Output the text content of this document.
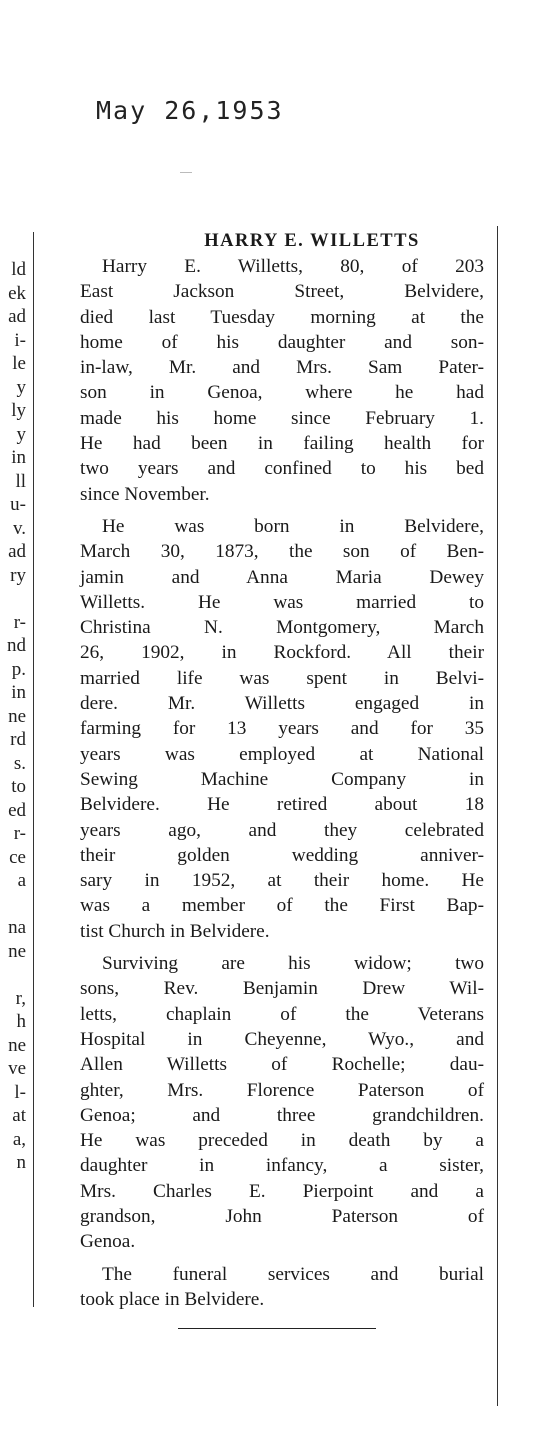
May 26,1953
ld
ek
ad
i-
le
y
ly
y
in
ll
u-
v.
ad
ry
r-
nd
p.
in
ne
rd
s.
to
ed
r-
ce
a
na
ne
r,
h
ne
ve
l-
at
a,
n
HARRY E. WILLETTS
Harry E. Willetts, 80, of 203
East Jackson Street, Belvidere,
died last Tuesday morning at the
home of his daughter and son-
in-law, Mr. and Mrs. Sam Pater-
son in Genoa, where he had
made his home since February 1.
He had been in failing health for
two years and confined to his bed
since November.
He was born in Belvidere,
March 30, 1873, the son of Ben-
jamin and Anna Maria Dewey
Willetts. He was married to
Christina N. Montgomery, March
26, 1902, in Rockford. All their
married life was spent in Belvi-
dere. Mr. Willetts engaged in
farming for 13 years and for 35
years was employed at National
Sewing Machine Company in
Belvidere. He retired about 18
years ago, and they celebrated
their golden wedding anniver-
sary in 1952, at their home. He
was a member of the First Bap-
tist Church in Belvidere.
Surviving are his widow; two
sons, Rev. Benjamin Drew Wil-
letts, chaplain of the Veterans
Hospital in Cheyenne, Wyo., and
Allen Willetts of Rochelle; dau-
ghter, Mrs. Florence Paterson of
Genoa; and three grandchildren.
He was preceded in death by a
daughter in infancy, a sister,
Mrs. Charles E. Pierpoint and a
grandson, John Paterson of
Genoa.
The funeral services and burial
took place in Belvidere.
